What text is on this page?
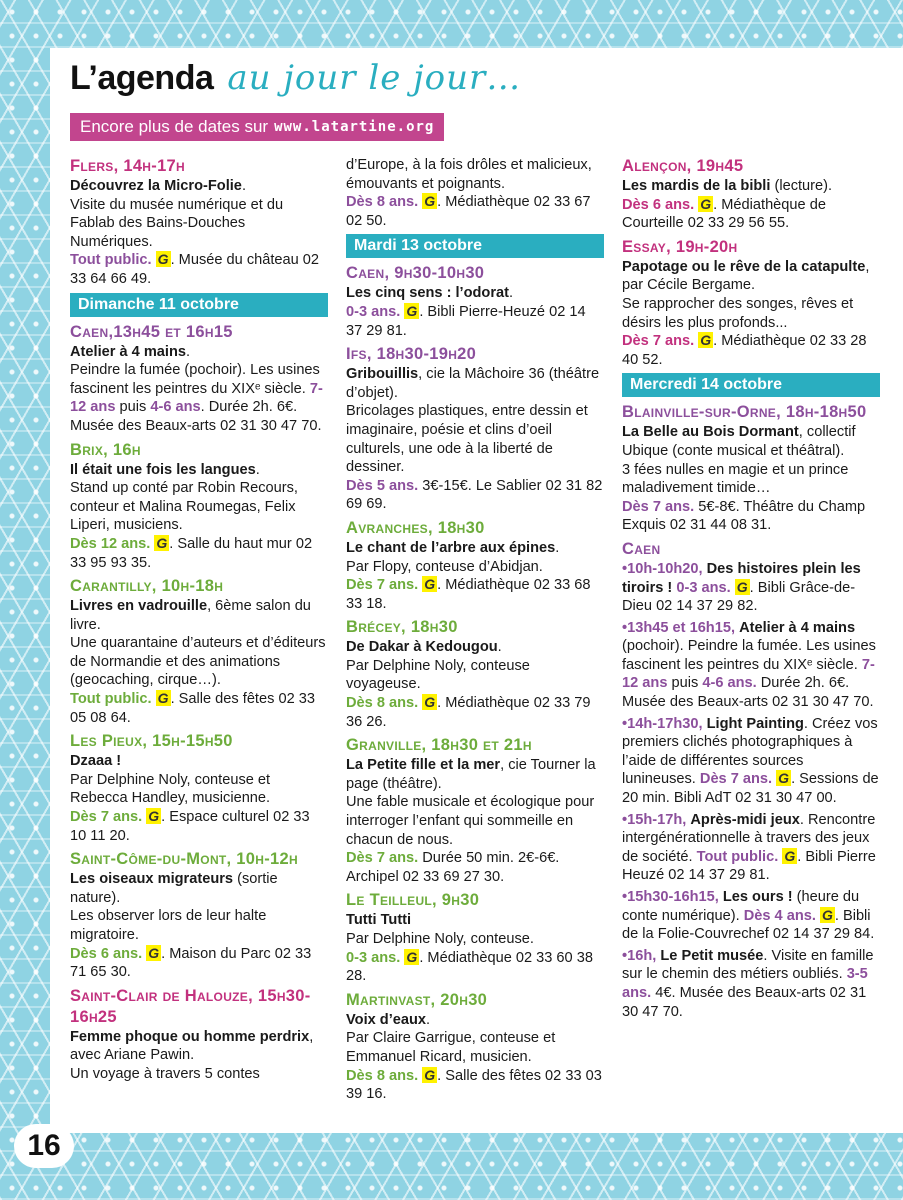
L’agenda au jour le jour…
Encore plus de dates sur www.latartine.org
Flers, 14h-17h
Découvrez la Micro-Folie.
Visite du musée numérique et du Fablab des Bains-Douches Numériques.
Tout public. G . Musée du château 02 33 64 66 49.
Dimanche 11 octobre
Caen,13h45 et 16h15
Atelier à 4 mains.
Peindre la fumée (pochoir). Les usines fascinent les peintres du XIXᵉ siècle. 7-12 ans puis 4-6 ans. Durée 2h. 6€. Musée des Beaux-arts 02 31 30 47 70.
Brix, 16h
Il était une fois les langues.
Stand up conté par Robin Recours, conteur et Malina Roumegas, Felix Liperi, musiciens.
Dès 12 ans. G . Salle du haut mur 02 33 95 93 35.
Carantilly, 10h-18h
Livres en vadrouille, 6ème salon du livre.
Une quarantaine d’auteurs et d’éditeurs de Normandie et des animations (geocaching, cirque…).
Tout public. G . Salle des fêtes 02 33 05 08 64.
Les Pieux, 15h-15h50
Dzaaa !
Par Delphine Noly, conteuse et Rebecca Handley, musicienne.
Dès 7 ans. G . Espace culturel 02 33 10 11 20.
Saint-Côme-du-Mont, 10h-12h
Les oiseaux migrateurs (sortie nature).
Les observer lors de leur halte migratoire.
Dès 6 ans. G . Maison du Parc 02 33 71 65 30.
Saint-Clair de Halouze, 15h30-16h25
Femme phoque ou homme perdrix, avec Ariane Pawin.
Un voyage à travers 5 contes
d’Europe, à la fois drôles et malicieux, émouvants et poignants.
Dès 8 ans. G . Médiathèque 02 33 67 02 50.
Mardi 13 octobre
Caen, 9h30-10h30
Les cinq sens : l’odorat.
0-3 ans. G . Bibli Pierre-Heuzé 02 14 37 29 81.
Ifs, 18h30-19h20
Gribouillis, cie la Mâchoire 36 (théâtre d’objet).
Bricolages plastiques, entre dessin et imaginaire, poésie et clins d’oeil culturels, une ode à la liberté de dessiner.
Dès 5 ans. 3€-15€. Le Sablier 02 31 82 69 69.
Avranches, 18h30
Le chant de l’arbre aux épines.
Par Flopy, conteuse d’Abidjan.
Dès 7 ans. G . Médiathèque 02 33 68 33 18.
Brécey, 18h30
De Dakar à Kedougou.
Par Delphine Noly, conteuse voyageuse.
Dès 8 ans. G . Médiathèque 02 33 79 36 26.
Granville, 18h30 et 21h
La Petite fille et la mer, cie Tourner la page (théâtre).
Une fable musicale et écologique pour interroger l’enfant qui sommeille en chacun de nous.
Dès 7 ans. Durée 50 min. 2€-6€. Archipel 02 33 69 27 30.
Le Teilleul, 9h30
Tutti Tutti
Par Delphine Noly, conteuse.
0-3 ans. G . Médiathèque 02 33 60 38 28.
Martinvast, 20h30
Voix d’eaux.
Par Claire Garrigue, conteuse et Emmanuel Ricard, musicien.
Dès 8 ans. G . Salle des fêtes 02 33 03 39 16.
Alençon, 19h45
Les mardis de la bibli (lecture).
Dès 6 ans. G . Médiathèque de Courteille 02 33 29 56 55.
Essay, 19h-20h
Papotage ou le rêve de la catapulte, par Cécile Bergame.
Se rapprocher des songes, rêves et désirs les plus profonds...
Dès 7 ans. G . Médiathèque 02 33 28 40 52.
Mercredi 14 octobre
Blainville-sur-Orne, 18h-18h50
La Belle au Bois Dormant, collectif Ubique (conte musical et théâtral).
3 fées nulles en magie et un prince maladivement timide…
Dès 7 ans. 5€-8€. Théâtre du Champ Exquis 02 31 44 08 31.
Caen
•10h-10h20, Des histoires plein les tiroirs ! 0-3 ans. G . Bibli Grâce-de-Dieu 02 14 37 29 82.
•13h45 et 16h15, Atelier à 4 mains (pochoir). Peindre la fumée. Les usines fascinent les peintres du XIXᵉ siècle. 7-12 ans puis 4-6 ans. Durée 2h. 6€. Musée des Beaux-arts 02 31 30 47 70.
•14h-17h30, Light Painting. Créez vos premiers clichés photographiques à l’aide de différentes sources lunineuses. Dès 7 ans. G . Sessions de 20 min. Bibli AdT 02 31 30 47 00.
•15h-17h, Après-midi jeux. Rencontre intergénérationnelle à travers des jeux de société. Tout public. G . Bibli Pierre Heuzé 02 14 37 29 81.
•15h30-16h15, Les ours ! (heure du conte numérique). Dès 4 ans. G . Bibli de la Folie-Couvrechef 02 14 37 29 84.
•16h, Le Petit musée. Visite en famille sur le chemin des métiers oubliés. 3-5 ans. 4€. Musée des Beaux-arts 02 31 30 47 70.
16
